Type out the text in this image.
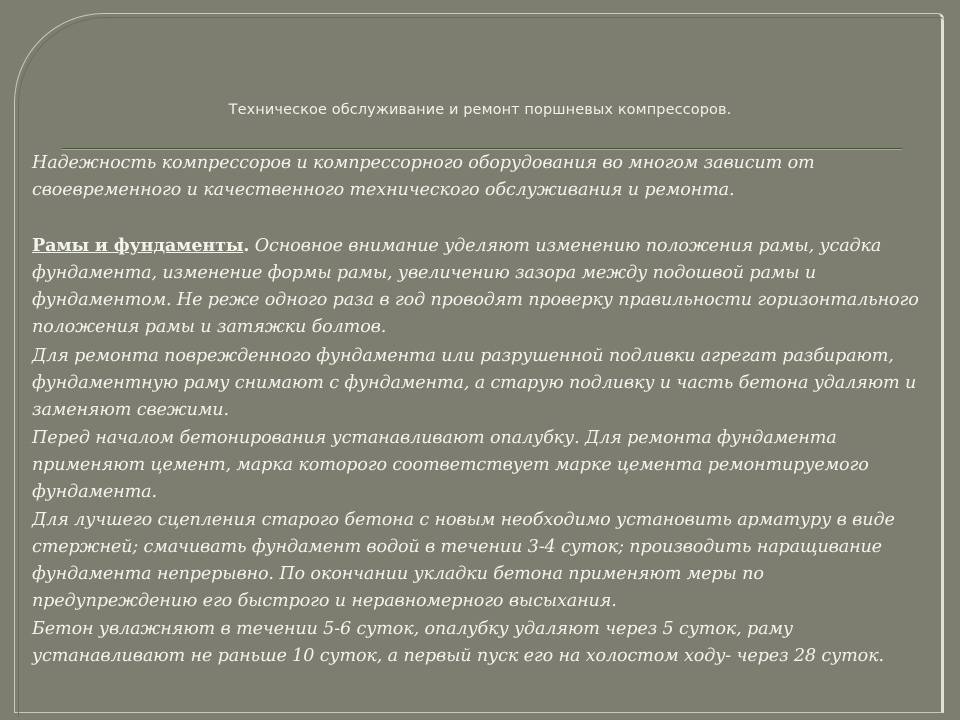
Техническое обслуживание и ремонт поршневых компрессоров.

Надежность компрессоров и компрессорного оборудования во многом зависит от своевременного и качественного технического обслуживания и ремонта.

Рамы и фундаменты. Основное внимание уделяют изменению положения рамы, усадка фундамента, изменение формы рамы, увеличению зазора между подошвой рамы и фундаментом. Не реже одного раза в год проводят проверку правильности горизонтального положения рамы и затяжки болтов.

Для ремонта поврежденного фундамента или разрушенной подливки агрегат разбирают, фундаментную раму снимают с фундамента, а старую подливку и часть бетона удаляют и заменяют свежими.

Перед началом бетонирования устанавливают опалубку. Для ремонта фундамента применяют цемент, марка которого соответствует марке цемента ремонтируемого фундамента.

Для лучшего сцепления старого бетона с новым необходимо установить арматуру в виде стержней; смачивать фундамент водой в течении 3-4 суток; производить наращивание фундамента непрерывно. По окончании укладки бетона применяют меры по предупреждению его быстрого и неравномерного высыхания.

Бетон увлажняют в течении 5-6 суток, опалубку удаляют через 5 суток, раму устанавливают не раньше 10 суток, а первый пуск его на холостом ходу- через 28 суток.
